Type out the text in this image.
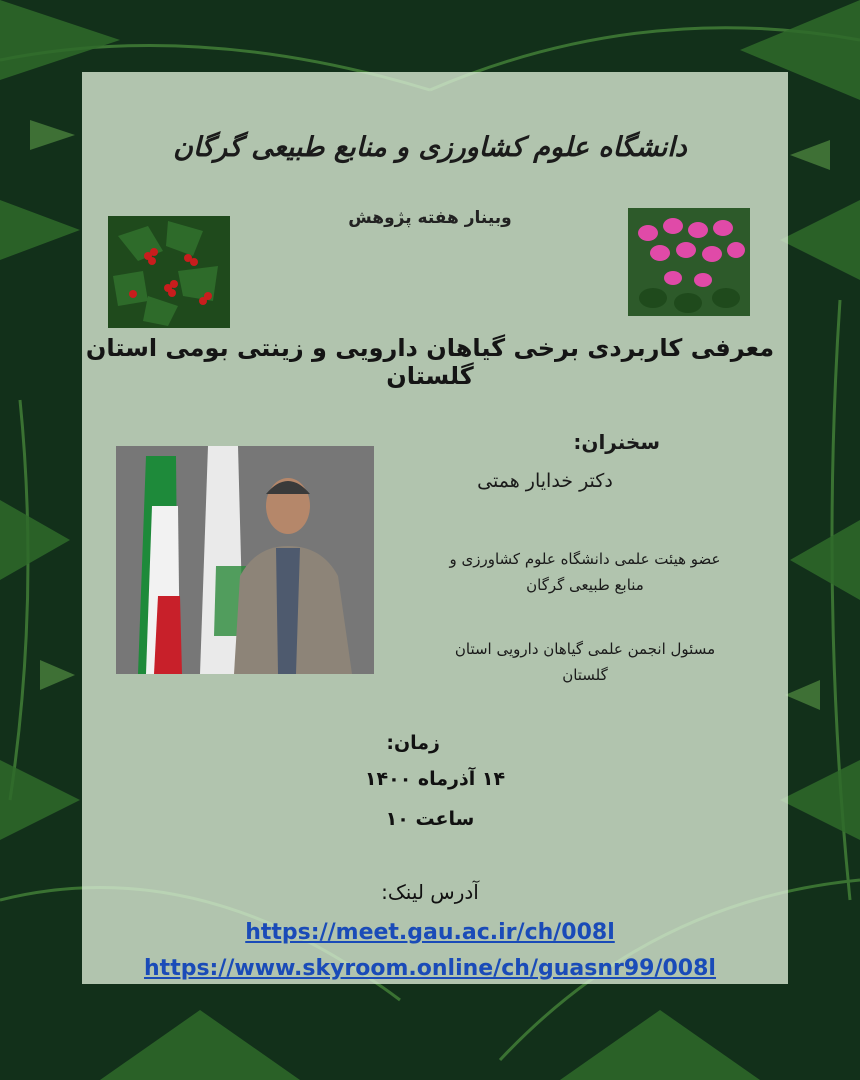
دانشگاه علوم کشاورزی و منابع طبیعی گرگان
وبینار هفته پژوهش
معرفی کاربردی برخی گیاهان دارویی و زینتی بومی استان گلستان
سخنران:
دکتر خدایار همتی
عضو هیئت علمی دانشگاه علوم کشاورزی و
منابع طبیعی گرگان
مسئول انجمن علمی گیاهان دارویی استان
گلستان
زمان:
۱۴ آذرماه ۱۴۰۰
ساعت ۱۰
آدرس لینک:
https://meet.gau.ac.ir/ch/008l
https://www.skyroom.online/ch/guasnr99/008l
